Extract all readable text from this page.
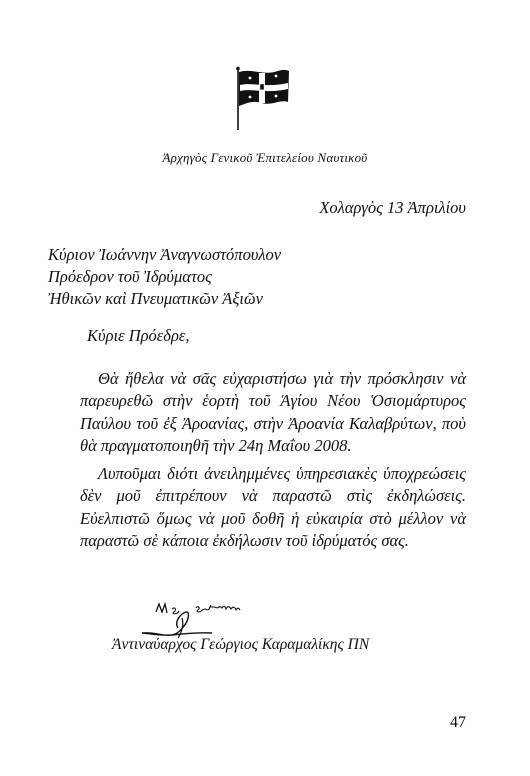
Ἀρχηγὸς Γενικοῦ Ἐπιτελείου Ναυτικοῦ
Χολαργὸς 13 Ἀπριλίου
Κύριον Ἰωάννην Ἀναγνωστόπουλον
Πρόεδρον τοῦ Ἰδρύματος
Ἠθικῶν καὶ Πνευματικῶν Ἀξιῶν
Κύριε Πρόεδρε,
Θὰ ἤθελα νὰ σᾶς εὐχαριστήσω γιὰ τὴν πρόσκλησιν νὰ παρευρεθῶ στὴν ἑορτὴ τοῦ Ἁγίου Νέου Ὁσιομάρτυρος Παύλου τοῦ ἐξ Ἀροανίας, στὴν Ἀροανία Καλαβρύτων, ποὺ θὰ πραγματοποιηθῆ τὴν 24η Μαΐου 2008.
Λυποῦμαι διότι ἀνειλημμένες ὑπηρεσιακὲς ὑποχρεώσεις δὲν μοῦ ἐπιτρέπουν νὰ παραστῶ στὶς ἐκδηλώσεις. Εὐελπιστῶ ὅμως νὰ μοῦ δοθῆ ἡ εὐκαιρία στὸ μέλλον νὰ παραστῶ σὲ κάποια ἐκδήλωσιν τοῦ ἱδρύματός σας.
Ἀντιναύαρχος Γεώργιος Καραμαλίκης ΠΝ
47
